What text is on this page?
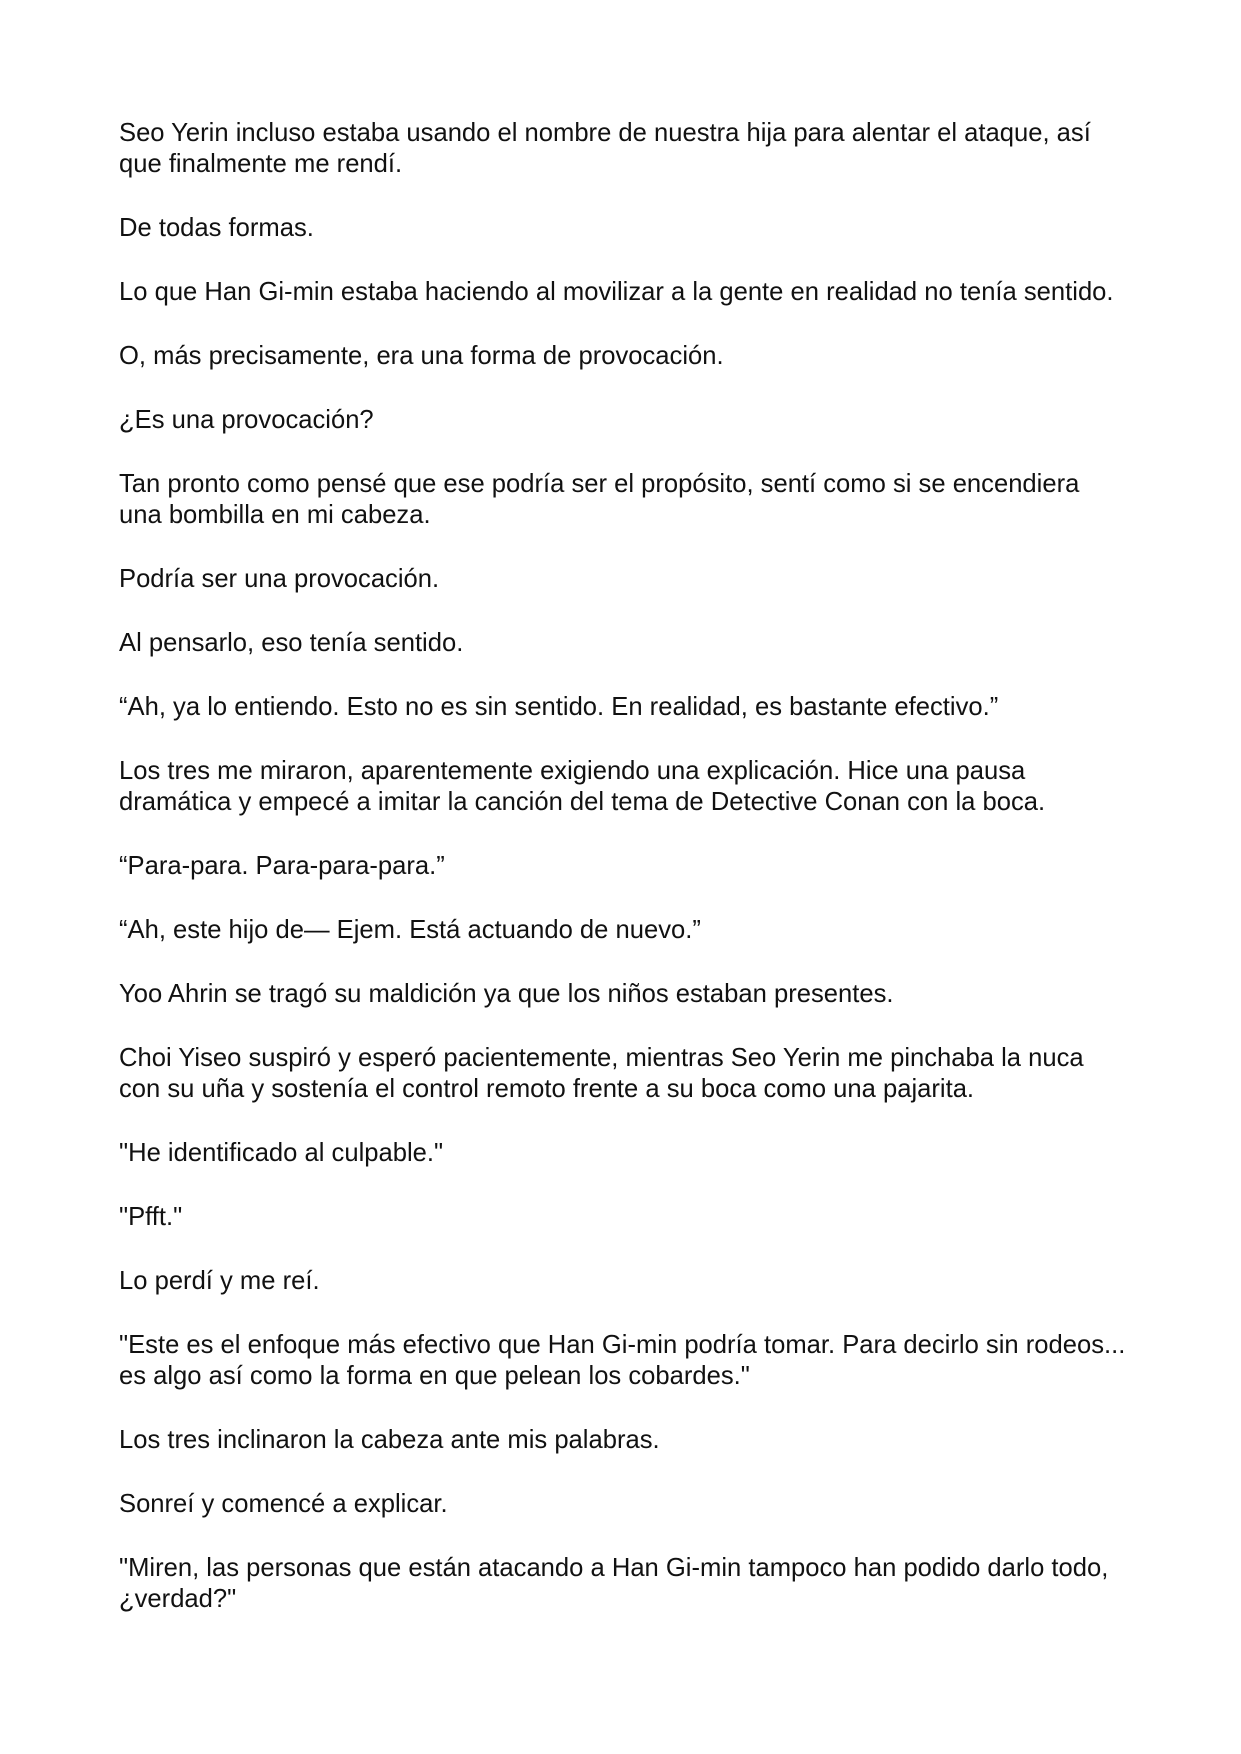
Seo Yerin incluso estaba usando el nombre de nuestra hija para alentar el ataque, así que finalmente me rendí.

De todas formas.

Lo que Han Gi-min estaba haciendo al movilizar a la gente en realidad no tenía sentido.

O, más precisamente, era una forma de provocación.

¿Es una provocación?

Tan pronto como pensé que ese podría ser el propósito, sentí como si se encendiera una bombilla en mi cabeza.

Podría ser una provocación.

Al pensarlo, eso tenía sentido.

“Ah, ya lo entiendo. Esto no es sin sentido. En realidad, es bastante efectivo.”

Los tres me miraron, aparentemente exigiendo una explicación. Hice una pausa dramática y empecé a imitar la canción del tema de Detective Conan con la boca.

“Para-para. Para-para-para.”

“Ah, este hijo de— Ejem. Está actuando de nuevo.”

Yoo Ahrin se tragó su maldición ya que los niños estaban presentes.

Choi Yiseo suspiró y esperó pacientemente, mientras Seo Yerin me pinchaba la nuca con su uña y sostenía el control remoto frente a su boca como una pajarita.

"He identificado al culpable."

"Pfft."

Lo perdí y me reí.

"Este es el enfoque más efectivo que Han Gi-min podría tomar. Para decirlo sin rodeos... es algo así como la forma en que pelean los cobardes."

Los tres inclinaron la cabeza ante mis palabras.

Sonreí y comencé a explicar.

"Miren, las personas que están atacando a Han Gi-min tampoco han podido darlo todo, ¿verdad?"
